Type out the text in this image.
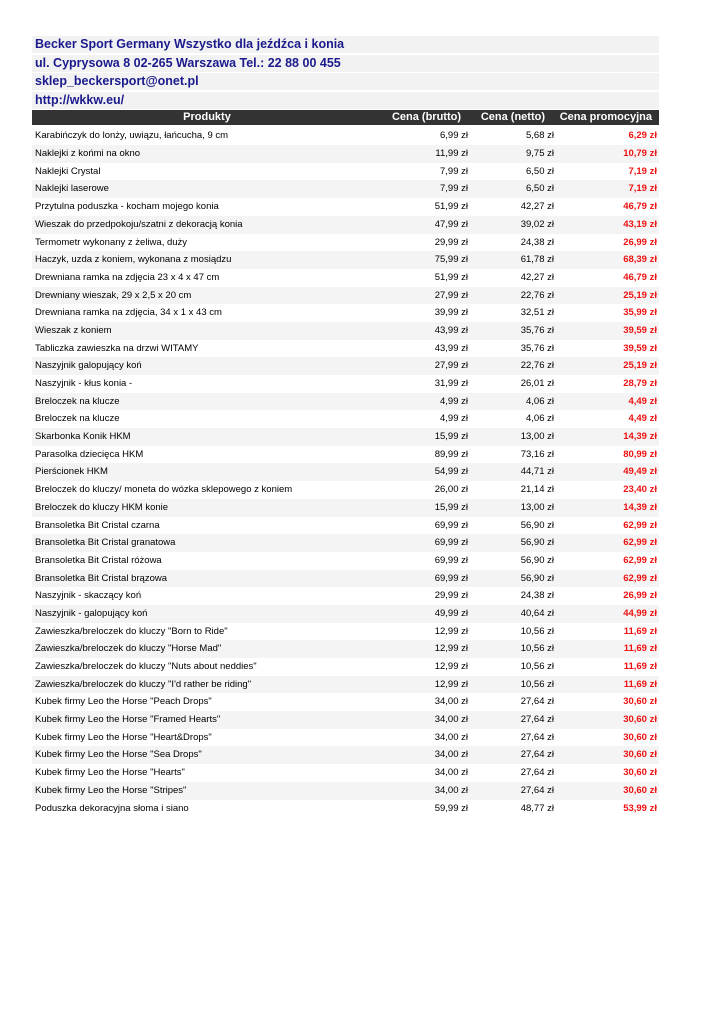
Becker Sport Germany Wszystko dla jeźdźca i konia
ul. Cyprysowa 8 02-265 Warszawa Tel.: 22 88 00 455
sklep_beckersport@onet.pl
http://wkkw.eu/
Produkty	Cena (brutto) Cena (netto) Cena promocyjna
Karabińczyk do lonży, uwiązu, łańcucha, 9 cm	6,99 zł	5,68 zł	6,29 zł
Naklejki z końmi na okno	11,99 zł	9,75 zł	10,79 zł
Naklejki Crystal	7,99 zł	6,50 zł	7,19 zł
Naklejki laserowe	7,99 zł	6,50 zł	7,19 zł
Przytulna poduszka - kocham mojego konia	51,99 zł	42,27 zł	46,79 zł
Wieszak do przedpokoju/szatni z dekoracją konia	47,99 zł	39,02 zł	43,19 zł
Termometr wykonany z żeliwa, duży	29,99 zł	24,38 zł	26,99 zł
Haczyk, uzda z koniem, wykonana z mosiądzu	75,99 zł	61,78 zł	68,39 zł
Drewniana ramka na zdjęcia 23 x 4 x 47 cm	51,99 zł	42,27 zł	46,79 zł
Drewniany wieszak, 29 x 2,5 x 20 cm	27,99 zł	22,76 zł	25,19 zł
Drewniana ramka na zdjęcia, 34 x 1 x 43 cm	39,99 zł	32,51 zł	35,99 zł
Wieszak z koniem	43,99 zł	35,76 zł	39,59 zł
Tabliczka zawieszka na drzwi WITAMY	43,99 zł	35,76 zł	39,59 zł
Naszyjnik galopujący koń	27,99 zł	22,76 zł	25,19 zł
Naszyjnik - kłus konia -	31,99 zł	26,01 zł	28,79 zł
Breloczek na klucze	4,99 zł	4,06 zł	4,49 zł
Breloczek na klucze	4,99 zł	4,06 zł	4,49 zł
Skarbonka Konik HKM	15,99 zł	13,00 zł	14,39 zł
Parasolka dziecięca HKM	89,99 zł	73,16 zł	80,99 zł
Pierścionek HKM	54,99 zł	44,71 zł	49,49 zł
Breloczek do kluczy/ moneta do wózka sklepowego z koniem	26,00 zł	21,14 zł	23,40 zł
Breloczek do kluczy HKM konie	15,99 zł	13,00 zł	14,39 zł
Bransoletka Bit Cristal czarna	69,99 zł	56,90 zł	62,99 zł
Bransoletka Bit Cristal granatowa	69,99 zł	56,90 zł	62,99 zł
Bransoletka Bit Cristal różowa	69,99 zł	56,90 zł	62,99 zł
Bransoletka Bit Cristal brązowa	69,99 zł	56,90 zł	62,99 zł
Naszyjnik - skaczący koń	29,99 zł	24,38 zł	26,99 zł
Naszyjnik - galopujący koń	49,99 zł	40,64 zł	44,99 zł
Zawieszka/breloczek do kluczy "Born to Ride"	12,99 zł	10,56 zł	11,69 zł
Zawieszka/breloczek do kluczy "Horse Mad"	12,99 zł	10,56 zł	11,69 zł
Zawieszka/breloczek do kluczy "Nuts about neddies"	12,99 zł	10,56 zł	11,69 zł
Zawieszka/breloczek do kluczy "I'd rather be riding"	12,99 zł	10,56 zł	11,69 zł
Kubek firmy Leo the Horse "Peach Drops"	34,00 zł	27,64 zł	30,60 zł
Kubek firmy Leo the Horse "Framed Hearts"	34,00 zł	27,64 zł	30,60 zł
Kubek firmy Leo the Horse "Heart&Drops"	34,00 zł	27,64 zł	30,60 zł
Kubek firmy Leo the Horse "Sea Drops"	34,00 zł	27,64 zł	30,60 zł
Kubek firmy Leo the Horse "Hearts"	34,00 zł	27,64 zł	30,60 zł
Kubek firmy Leo the Horse "Stripes"	34,00 zł	27,64 zł	30,60 zł
Poduszka dekoracyjna słoma i siano	59,99 zł	48,77 zł	53,99 zł
